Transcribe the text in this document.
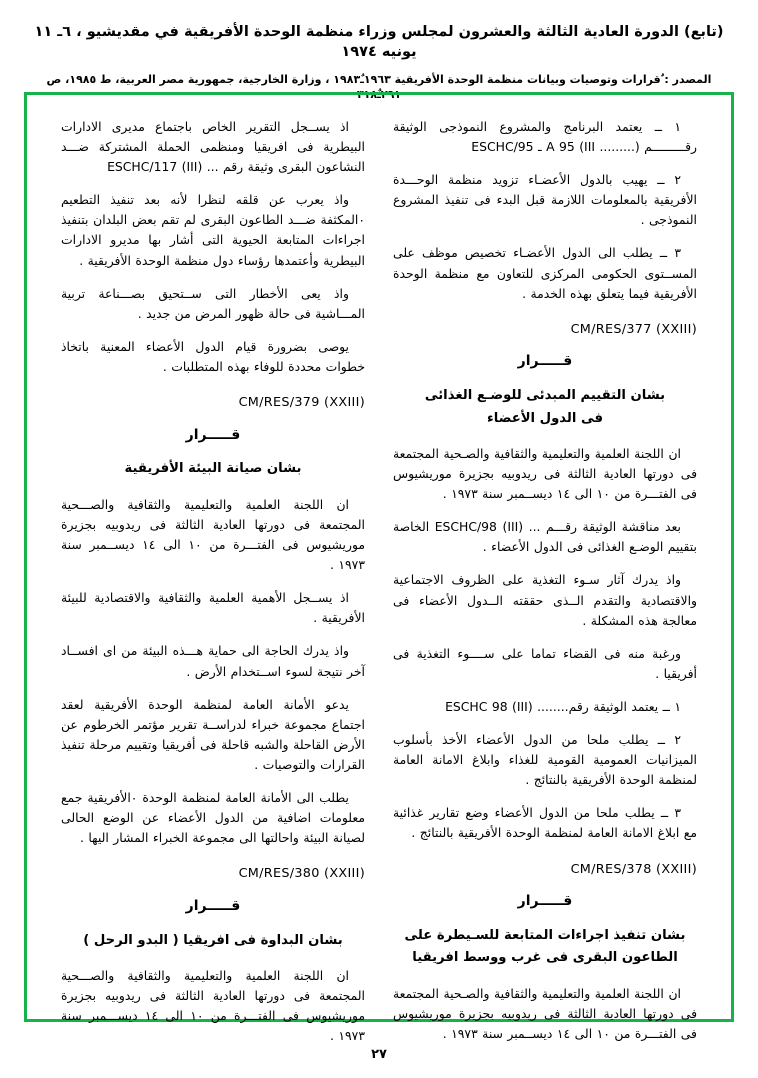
(تابع) الدورة العادية الثالثة والعشرون لمجلس وزراء منظمة الوحدة الأفريقية في مقديشيو ، ٦ـ ١١ يونيه ١٩٧٤
المصدر : ٌقرارات وتوصيات وبيانات منظمة الوحدة الأفريقية ١٩٦٣ـ١٩٨٣ٌ ، وزارة الخارجية، جمهورية مصر العربية، ط ١٩٨٥، ص ٢٩١ـ٣١٨ٌ

١ ــ يعتمد البرنامج والمشروع النموذجى الوثيقة رقـــــــــم (......... III) A 95 ـ ESCHC/95

٢ ــ يهيب بالدول الأعضـاء تزويد منظمة الوحـــدة الأفريقية بالمعلومات اللازمة قبل البدء فى تنفيذ المشروع النموذجى .

٣ ــ يطلب الى الدول الأعضـاء تخصيص موظف على المســتوى الحكومى المركزى للتعاون مع منظمة الوحدة الأفريقية فيما يتعلق بهذه الخدمة .

CM/RES/377 (XXIII)
قـــــرار
بشان التقييم المبدئى للوضـع الغذائى
فى الدول الأعضاء

ان اللجنة العلمية والتعليمية والثقافية والصـحية المجتمعة فى دورتها العادية الثالثة فى ريدوبيه بجزيرة موريشيوس فى الفتـــرة من ١٠ الى ١٤ ديســمبر سنة ١٩٧٣ .

بعد مناقشة الوثيقة رقـــم ... (III) ESCHC/98 الخاصة بتقييم الوضـع الغذائى فى الدول الأعضاء .

واذ يدرك آثار سـوء التغذية على الظروف الاجتماعية والاقتصادية والتقدم الــذى حققته الــدول الأعضاء فى معالجة هذه المشكلة .

ورغبة منه فى القضاء تماما على ســــوء التغذية فى أفريقيا .

١ ــ يعتمد الوثيقة رقم........ (III) ESCHC 98

٢ ــ يطلب ملحا من الدول الأعضاء الأخذ بأسلوب الميزانيات العمومية القومية للغذاء وابلاغ الامانة العامة لمنظمة الوحدة الأفريقية بالنتائج .

٣ ــ يطلب ملحا من الدول الأعضاء وضع تقارير غذائية مع ابلاغ الامانة العامة لمنظمة الوحدة الأفريقية بالنتائج .

CM/RES/378 (XXIII)
قـــــرار
بشان تنفيذ اجراءات المتابعة للسـيطرة على
الطاعون البقرى فى غرب ووسط افريقيا

ان اللجنة العلمية والتعليمية والثقافية والصـحية المجتمعة فى دورتها العادية الثالثة فى ريدوبيه بجزيرة موريشيوس فى الفتـــرة من ١٠ الى ١٤ ديســمبر سنة ١٩٧٣ .

اذ يســجل التقرير الخاص باجتماع مديرى الادارات البيطرية فى افريقيا ومنظمى الحملة المشتركة ضـــد النشاعون البقرى وثيقة رقم ... (III) ESCHC/117

واذ يعرب عن قلقه لنظرا لأنه بعد تنفيذ التطعيم ٠المكثفة ضـــد الطاعون البقرى لم تقم بعض البلدان بتنفيذ اجراءات المتابعة الحيوية التى أشار بها مديرو الادارات البيطرية وأعتمدها رؤساء دول منظمة الوحدة الأفريقية .

واذ يعى الأخطار التى ســتحيق بصـــناعة تربية المـــاشية فى حالة ظهور المرض من جديد .

يوصى بضرورة قيام الدول الأعضاء المعنية باتخاذ خطوات محددة للوفاء بهذه المتطلبات .

CM/RES/379 (XXIII)
قـــــرار
بشان صيانة البيئة الأفريقية

ان اللجنة العلمية والتعليمية والثقافية والصـــحية المجتمعة فى دورتها العادية الثالثة فى ريدوبيه بجزيرة موريشيوس فى الفتـــرة من ١٠ الى ١٤ ديســمبر سنة ١٩٧٣ .

اذ يســجل الأهمية العلمية والثقافية والاقتصادية للبيئة الأفريقية .

واذ يدرك الحاجة الى حماية هـــذه البيئة من اى افســاد آخر نتيجة لسوء اســتخدام الأرض .

يدعو الأمانة العامة لمنظمة الوحدة الأفريقية لعقد اجتماع مجموعة خبراء لدراســة تقرير مؤتمر الخرطوم عن الأرض القاحلة والشبه قاحلة فى أفريقيا وتقييم مرحلة تنفيذ القرارات والتوصيات .

يطلب الى الأمانة العامة لمنظمة الوحدة ٠الأفريقية جمع معلومات اضافية من الدول الأعضاء عن الوضع الحالى لصيانة البيئة واحالتها الى مجموعة الخبراء المشار اليها .

CM/RES/380 (XXIII)
قـــــرار
بشان البداوة فى افريقيا ( البدو الرحل )

ان اللجنة العلمية والتعليمية والثقافية والصـــحية المجتمعة فى دورتها العادية الثالثة فى ريدوبيه بجزيرة موريشيوس فى الفتـــرة من ١٠ الى ١٤ ديســـمبر سنة ١٩٧٣ .

٢٧
